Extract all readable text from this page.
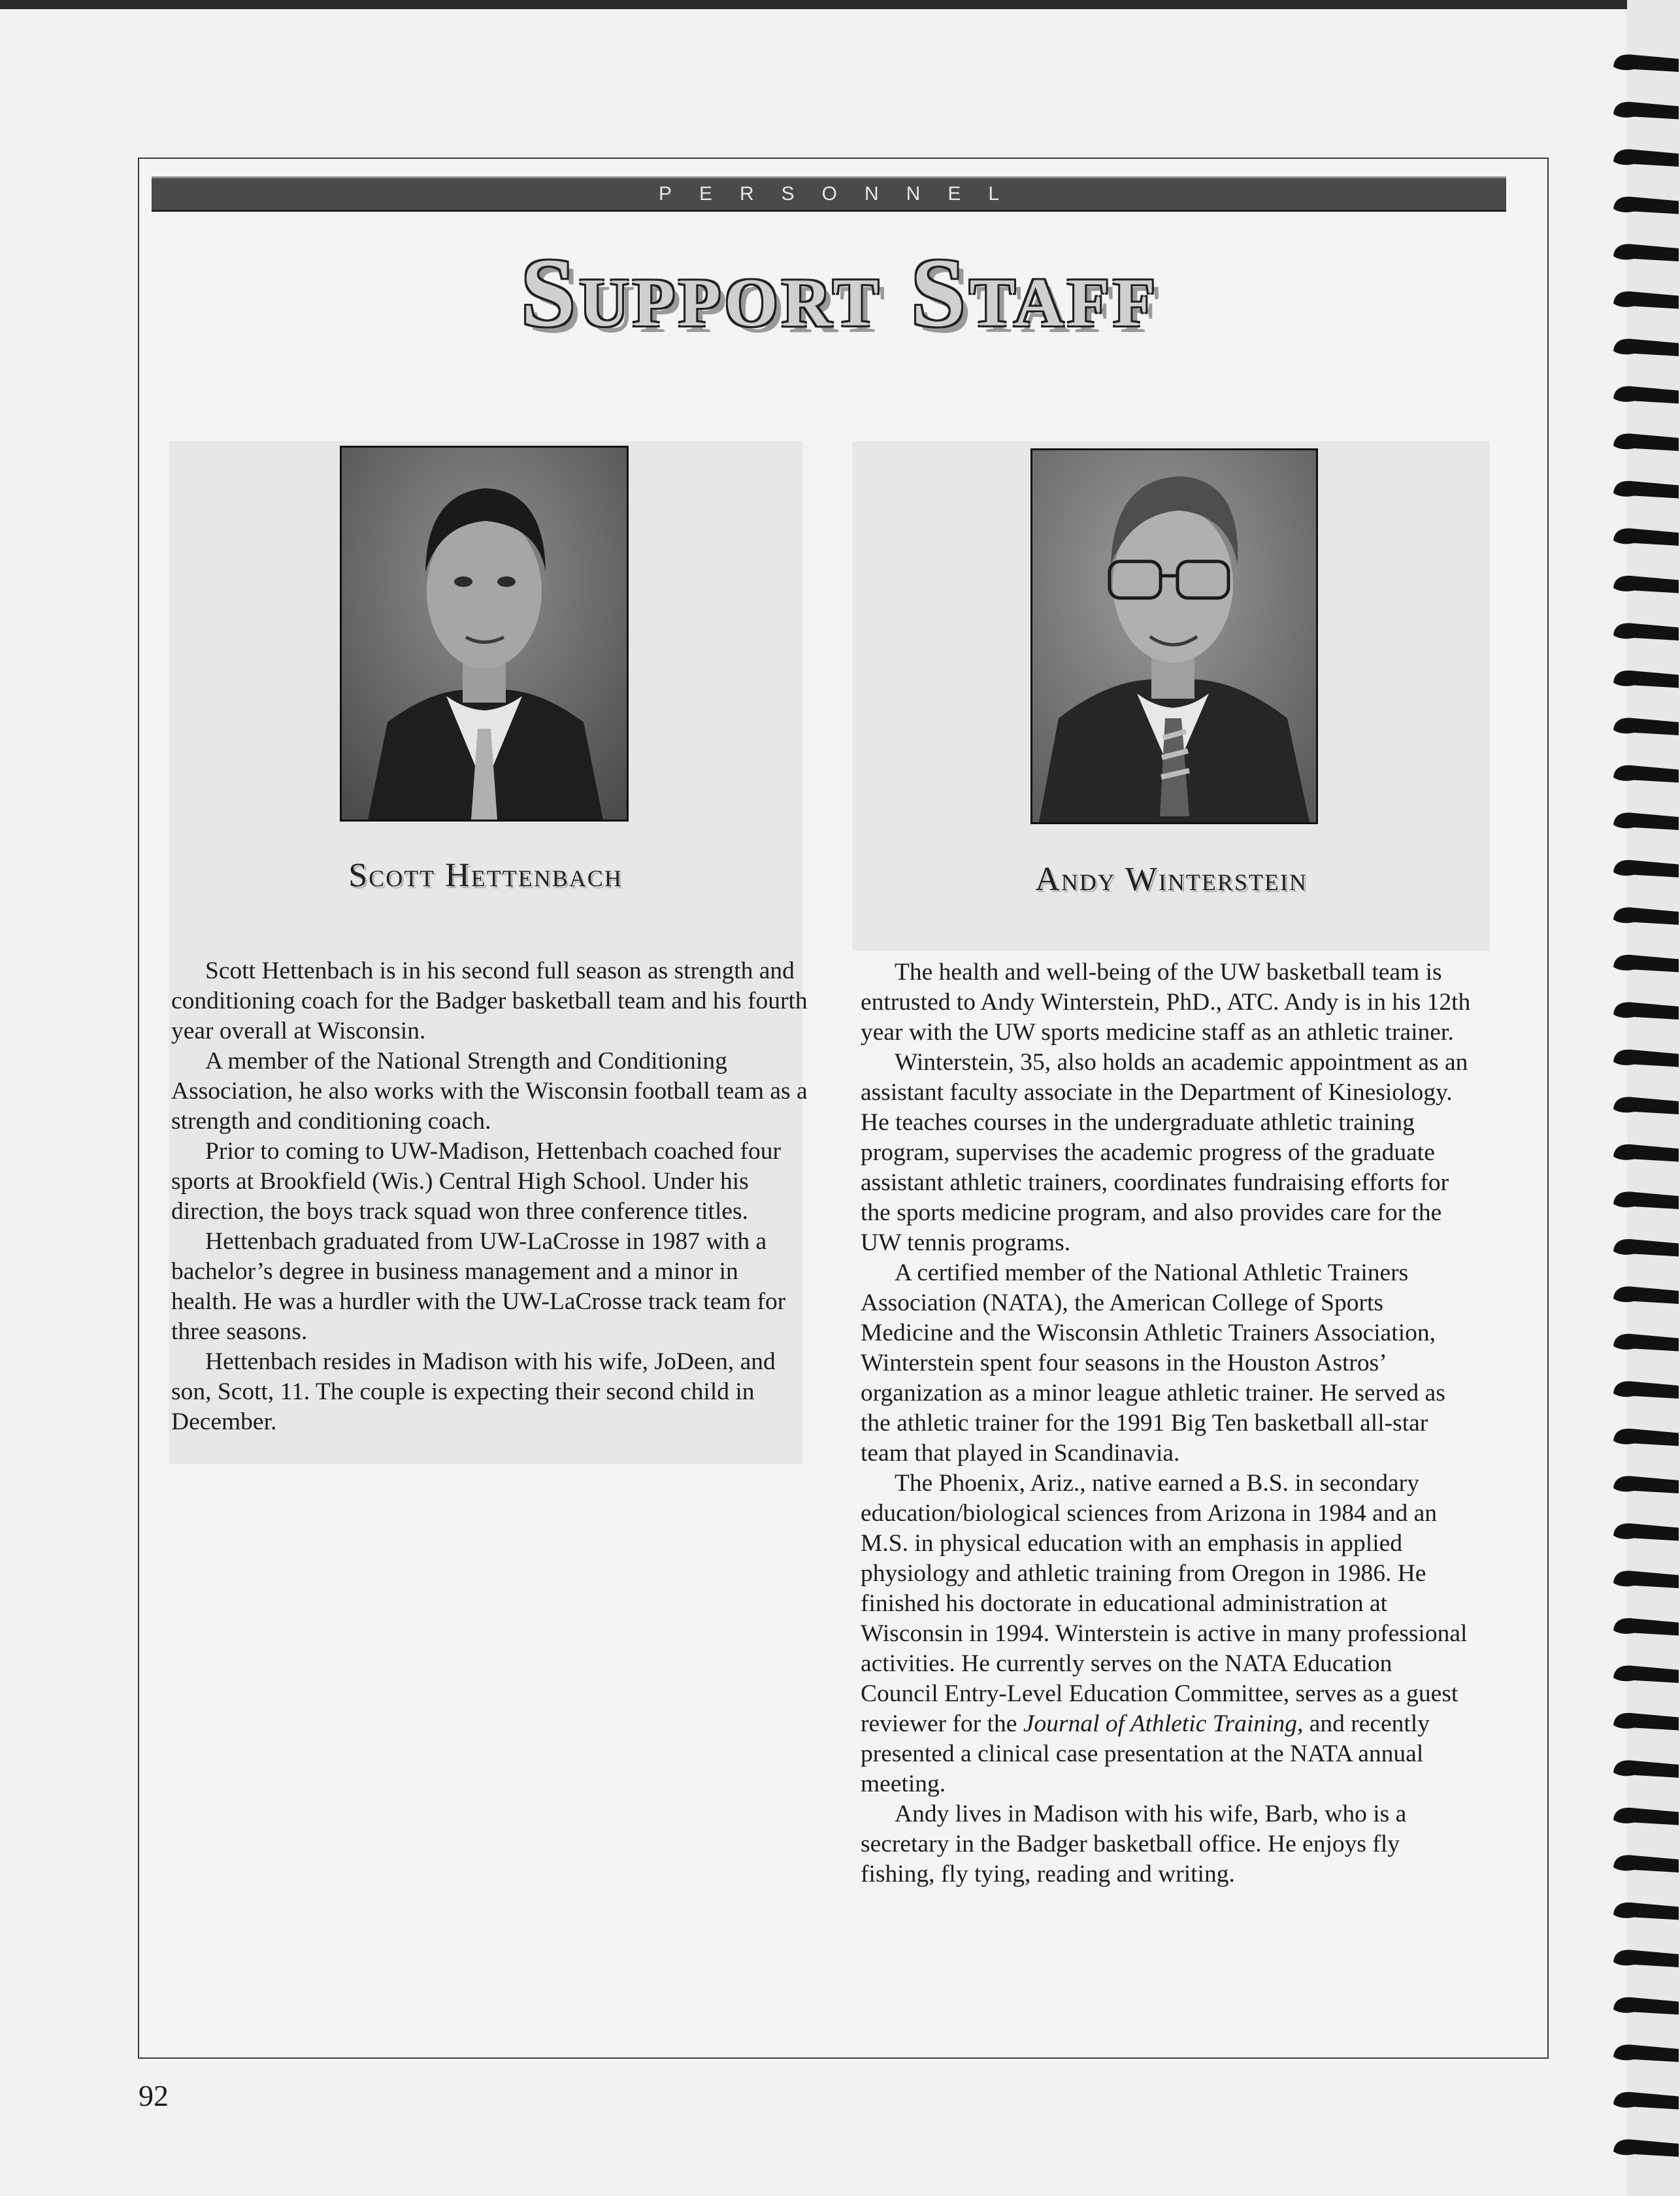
PERSONNEL
Support Staff
Scott Hettenbach	Andy Winterstein

Scott Hettenbach is in his second full season as strength and conditioning coach for the Badger basketball team and his fourth year overall at Wisconsin.

A member of the National Strength and Conditioning Association, he also works with the Wisconsin football team as a strength and conditioning coach.

Prior to coming to UW-Madison, Hettenbach coached four sports at Brookfield (Wis.) Central High School. Under his direction, the boys track squad won three conference titles.

Hettenbach graduated from UW-LaCrosse in 1987 with a bachelor’s degree in business management and a minor in health. He was a hurdler with the UW-LaCrosse track team for three seasons.

Hettenbach resides in Madison with his wife, JoDeen, and son, Scott, 11. The couple is expecting their second child in December.

The health and well-being of the UW basketball team is entrusted to Andy Winterstein, PhD., ATC. Andy is in his 12th year with the UW sports medicine staff as an athletic trainer.

Winterstein, 35, also holds an academic appointment as an assistant faculty associate in the Department of Kinesiology. He teaches courses in the undergraduate athletic training program, supervises the academic progress of the graduate assistant athletic trainers, coordinates fundraising efforts for the sports medicine program, and also provides care for the UW tennis programs.

A certified member of the National Athletic Trainers Association (NATA), the American College of Sports Medicine and the Wisconsin Athletic Trainers Association, Winterstein spent four seasons in the Houston Astros’ organization as a minor league athletic trainer. He served as the athletic trainer for the 1991 Big Ten basketball all-star team that played in Scandinavia.

The Phoenix, Ariz., native earned a B.S. in secondary education/biological sciences from Arizona in 1984 and an M.S. in physical education with an emphasis in applied physiology and athletic training from Oregon in 1986. He finished his doctorate in educational administration at Wisconsin in 1994. Winterstein is active in many professional activities. He currently serves on the NATA Education Council Entry-Level Education Committee, serves as a guest reviewer for the Journal of Athletic Training, and recently presented a clinical case presentation at the NATA annual meeting.

Andy lives in Madison with his wife, Barb, who is a secretary in the Badger basketball office. He enjoys fly fishing, fly tying, reading and writing.

92
